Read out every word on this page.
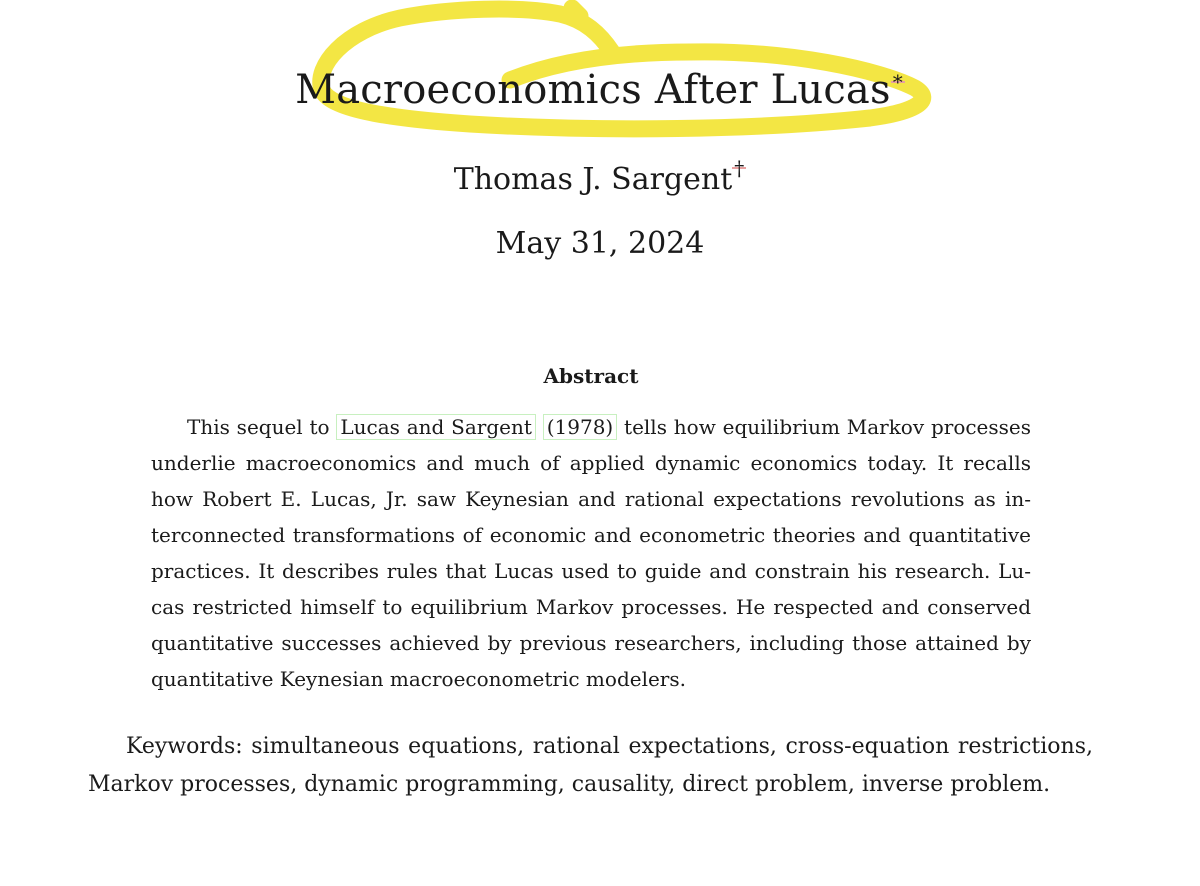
Macroeconomics After Lucas *
Thomas J. Sargent †
May 31, 2024
Abstract
This sequel to Lucas and Sargent (1978) tells how equilibrium Markov processes
underlie macroeconomics and much of applied dynamic economics today. It recalls
how Robert E. Lucas, Jr. saw Keynesian and rational expectations revolutions as in-
terconnected transformations of economic and econometric theories and quantitative
practices. It describes rules that Lucas used to guide and constrain his research. Lu-
cas restricted himself to equilibrium Markov processes. He respected and conserved
quantitative successes achieved by previous researchers, including those attained by
quantitative Keynesian macroeconometric modelers.
Keywords: simultaneous equations, rational expectations, cross-equation restrictions,
Markov processes, dynamic programming, causality, direct problem, inverse problem.
